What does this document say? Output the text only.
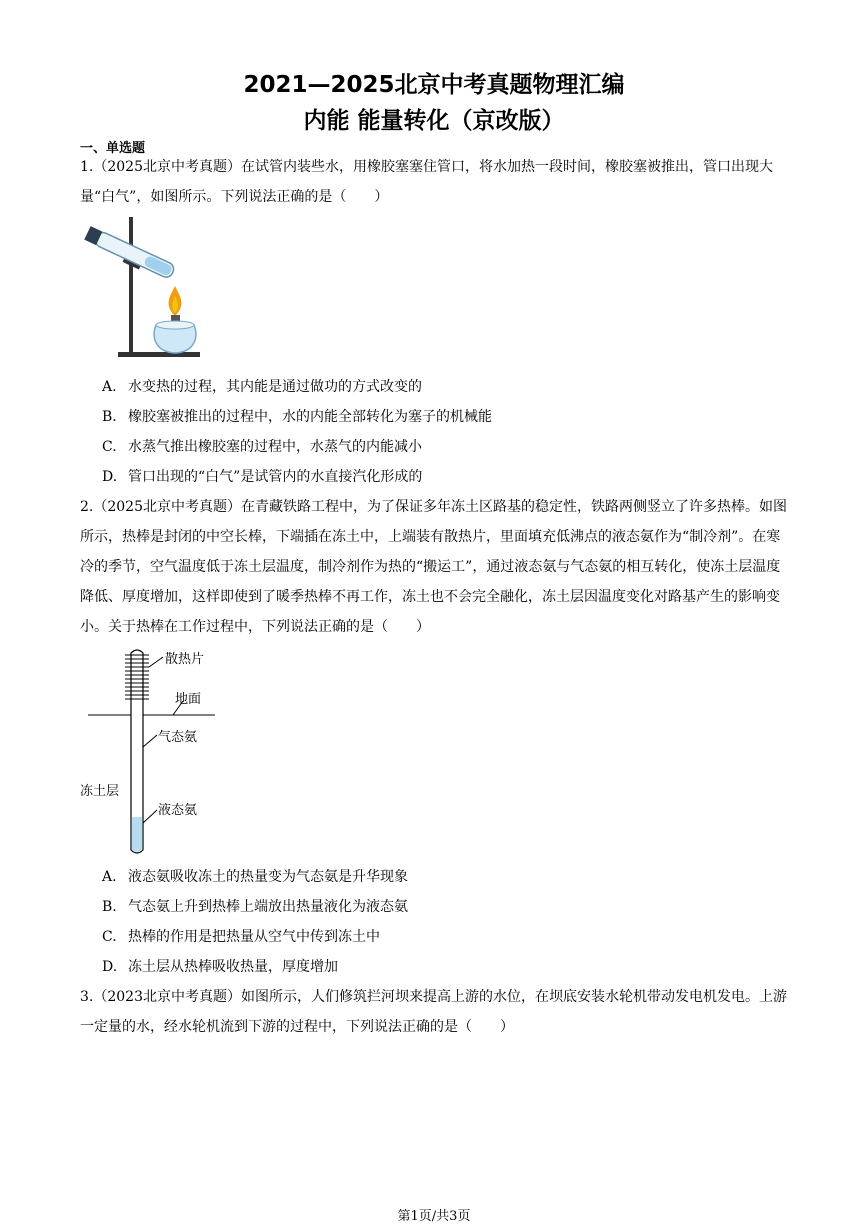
2021—2025北京中考真题物理汇编
内能 能量转化（京改版）
一、单选题
1.（2025北京中考真题）在试管内装些水，用橡胶塞塞住管口，将水加热一段时间，橡胶塞被推出，管口出现大量“白气”，如图所示。下列说法正确的是（　　）
A. 水变热的过程，其内能是通过做功的方式改变的
B. 橡胶塞被推出的过程中，水的内能全部转化为塞子的机械能
C. 水蒸气推出橡胶塞的过程中，水蒸气的内能减小
D. 管口出现的“白气”是试管内的水直接汽化形成的
2.（2025北京中考真题）在青藏铁路工程中，为了保证多年冻土区路基的稳定性，铁路两侧竖立了许多热棒。如图所示，热棒是封闭的中空长棒，下端插在冻土中，上端装有散热片，里面填充低沸点的液态氨作为“制冷剂”。在寒冷的季节，空气温度低于冻土层温度，制冷剂作为热的“搬运工”，通过液态氨与气态氨的相互转化，使冻土层温度降低、厚度增加，这样即使到了暖季热棒不再工作，冻土也不会完全融化，冻土层因温度变化对路基产生的影响变小。关于热棒在工作过程中，下列说法正确的是（　　）
散热片
地面
气态氨
冻土层
液态氨
A. 液态氨吸收冻土的热量变为气态氨是升华现象
B. 气态氨上升到热棒上端放出热量液化为液态氨
C. 热棒的作用是把热量从空气中传到冻土中
D. 冻土层从热棒吸收热量，厚度增加
3.（2023北京中考真题）如图所示，人们修筑拦河坝来提高上游的水位，在坝底安装水轮机带动发电机发电。上游一定量的水，经水轮机流到下游的过程中，下列说法正确的是（　　）
第1页/共3页
